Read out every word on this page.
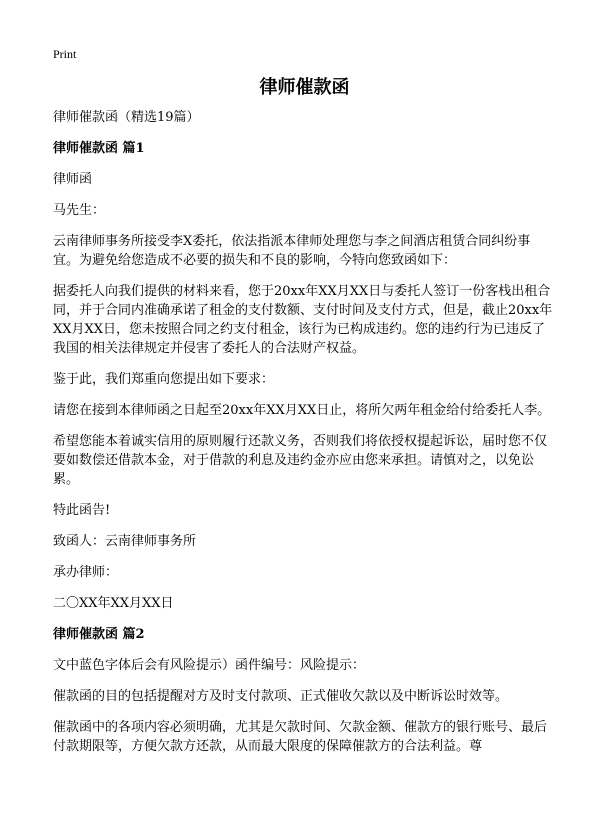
Print
律师催款函
律师催款函（精选19篇）
律师催款函 篇1
律师函
马先生：
云南律师事务所接受李X委托，依法指派本律师处理您与李之间酒店租赁合同纠纷事宜。为避免给您造成不必要的损失和不良的影响，今特向您致函如下：
据委托人向我们提供的材料来看，您于20xx年XX月XX日与委托人签订一份客栈出租合同，并于合同内准确承诺了租金的支付数额、支付时间及支付方式，但是，截止20xx年XX月XX日，您未按照合同之约支付租金，该行为已构成违约。您的违约行为已违反了我国的相关法律规定并侵害了委托人的合法财产权益。
鉴于此，我们郑重向您提出如下要求：
请您在接到本律师函之日起至20xx年XX月XX日止，将所欠两年租金给付给委托人李。
希望您能本着诚实信用的原则履行还款义务，否则我们将依授权提起诉讼，届时您不仅要如数偿还借款本金，对于借款的利息及违约金亦应由您来承担。请慎对之，以免讼累。
特此函告!
致函人：云南律师事务所
承办律师：
二〇XX年XX月XX日
律师催款函 篇2
文中蓝色字体后会有风险提示）函件编号：风险提示：
催款函的目的包括提醒对方及时支付款项、正式催收欠款以及中断诉讼时效等。
催款函中的各项内容必须明确，尤其是欠款时间、欠款金额、催款方的银行账号、最后付款期限等，方便欠款方还款，从而最大限度的保障催款方的合法利益。尊
